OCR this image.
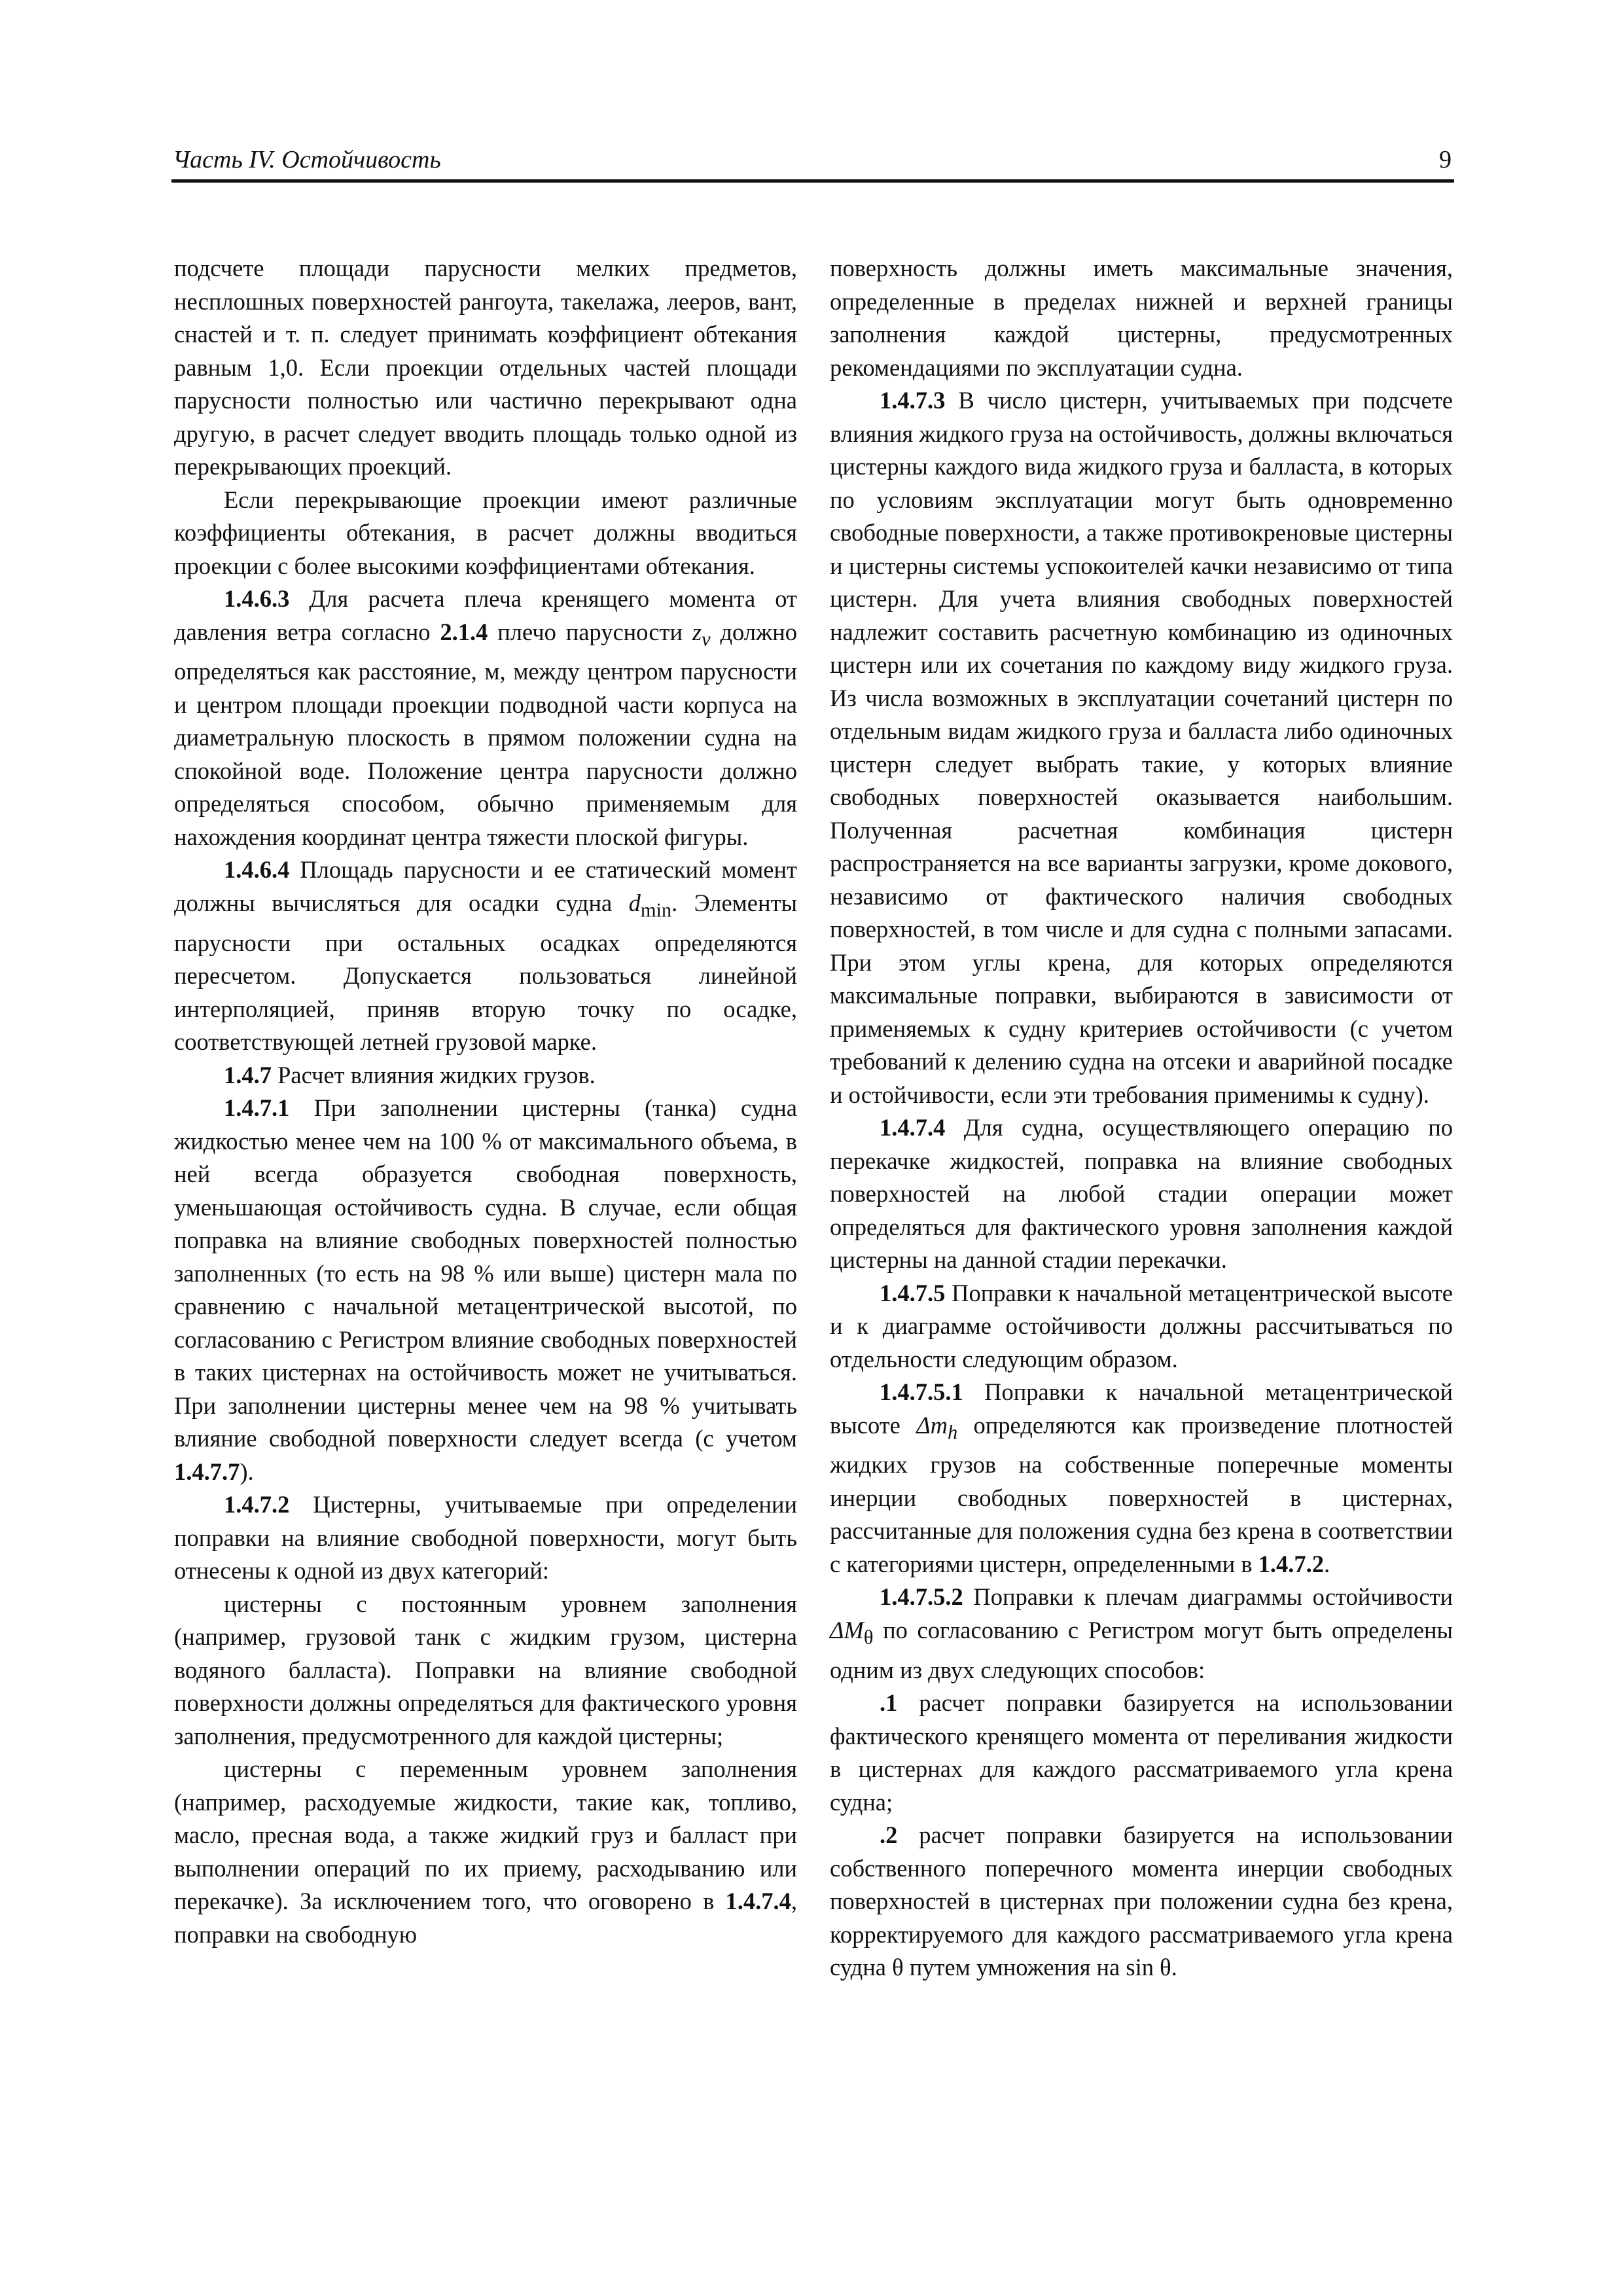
Часть IV. Остойчивость	9

подсчете площади парусности мелких предметов, несплошных поверхностей рангоута, такелажа, леeров, вант, снастей и т. п. следует принимать коэффициент обтекания равным 1,0. Если проекции отдельных частей площади парусности полностью или частично перекрывают одна другую, в расчет следует вводить площадь только одной из перекрывающих проекций.

Если перекрывающие проекции имеют различные коэффициенты обтекания, в расчет должны вводиться проекции с более высокими коэффициентами обтекания.

1.4.6.3 Для расчета плеча кренящего момента от давления ветра согласно 2.1.4 плечо парусности $z_v$ должно определяться как расстояние, м, между центром парусности и центром площади проекции подводной части корпуса на диаметральную плоскость в прямом положении судна на спокойной воде. Положение центра парусности должно определяться способом, обычно применяемым для нахождения координат центра тяжести плоской фигуры.

1.4.6.4 Площадь парусности и ее статический момент должны вычисляться для осадки судна $d_{min}$. Элементы парусности при остальных осадках определяются пересчетом. Допускается пользоваться линейной интерполяцией, приняв вторую точку по осадке, соответствующей летней грузовой марке.

1.4.7 Расчет влияния жидких грузов.

1.4.7.1 При заполнении цистерны (танка) судна жидкостью менее чем на 100 % от максимального объема, в ней всегда образуется свободная поверхность, уменьшающая остойчивость судна. В случае, если общая поправка на влияние свободных поверхностей полностью заполненных (то есть на 98 % или выше) цистерн мала по сравнению с начальной метацентрической высотой, по согласованию с Регистром влияние свободных поверхностей в таких цистернах на остойчивость может не учитываться. При заполнении цистерны менее чем на 98 % учитывать влияние свободной поверхности следует всегда (с учетом 1.4.7.7).

1.4.7.2 Цистерны, учитываемые при определении поправки на влияние свободной поверхности, могут быть отнесены к одной из двух категорий:

цистерны с постоянным уровнем заполнения (например, грузовой танк с жидким грузом, цистерна водяного балласта). Поправки на влияние свободной поверхности должны определяться для фактического уровня заполнения, предусмотренного для каждой цистерны;

цистерны с переменным уровнем заполнения (например, расходуемые жидкости, такие как, топливо, масло, пресная вода, а также жидкий груз и балласт при выполнении операций по их приему, расходыванию или перекачке). За исключением того, что оговорено в 1.4.7.4, поправки на свободную

поверхность должны иметь максимальные значения, определенные в пределах нижней и верхней границы заполнения каждой цистерны, предусмотренных рекомендациями по эксплуатации судна.

1.4.7.3 В число цистерн, учитываемых при подсчете влияния жидкого груза на остойчивость, должны включаться цистерны каждого вида жидкого груза и балласта, в которых по условиям эксплуатации могут быть одновременно свободные поверхности, а также противокреновые цистерны и цистерны системы успокоителей качки независимо от типа цистерн. Для учета влияния свободных поверхностей надлежит составить расчетную комбинацию из одиночных цистерн или их сочетания по каждому виду жидкого груза. Из числа возможных в эксплуатации сочетаний цистерн по отдельным видам жидкого груза и балласта либо одиночных цистерн следует выбрать такие, у которых влияние свободных поверхностей оказывается наибольшим. Полученная расчетная комбинация цистерн распространяется на все варианты загрузки, кроме докового, независимо от фактического наличия свободных поверхностей, в том числе и для судна с полными запасами. При этом углы крена, для которых определяются максимальные поправки, выбираются в зависимости от применяемых к судну критериев остойчивости (с учетом требований к делению судна на отсеки и аварийной посадке и остойчивости, если эти требования применимы к судну).

1.4.7.4 Для судна, осуществляющего операцию по перекачке жидкостей, поправка на влияние свободных поверхностей на любой стадии операции может определяться для фактического уровня заполнения каждой цистерны на данной стадии перекачки.

1.4.7.5 Поправки к начальной метацентрической высоте и к диаграмме остойчивости должны рассчитываться по отдельности следующим образом.

1.4.7.5.1 Поправки к начальной метацентрической высоте $\Delta m_h$ определяются как произведение плотностей жидких грузов на собственные поперечные моменты инерции свободных поверхностей в цистернах, рассчитанные для положения судна без крена в соответствии с категориями цистерн, определенными в 1.4.7.2.

1.4.7.5.2 Поправки к плечам диаграммы остойчивости $\Delta M_\theta$ по согласованию с Регистром могут быть определены одним из двух следующих способов:

.1 расчет поправки базируется на использовании фактического кренящего момента от переливания жидкости в цистернах для каждого рассматриваемого угла крена судна;

.2 расчет поправки базируется на использовании собственного поперечного момента инерции свободных поверхностей в цистернах при положении судна без крена, корректируемого для каждого рассматриваемого угла крена судна θ путем умножения на sin θ.
